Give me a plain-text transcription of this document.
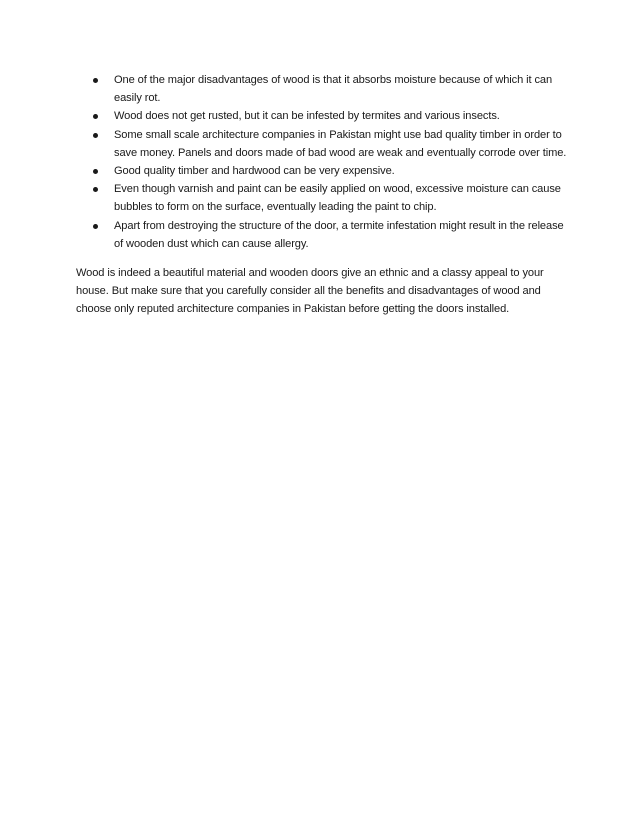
One of the major disadvantages of wood is that it absorbs moisture because of which it can easily rot.
Wood does not get rusted, but it can be infested by termites and various insects.
Some small scale architecture companies in Pakistan might use bad quality timber in order to save money. Panels and doors made of bad wood are weak and eventually corrode over time.
Good quality timber and hardwood can be very expensive.
Even though varnish and paint can be easily applied on wood, excessive moisture can cause bubbles to form on the surface, eventually leading the paint to chip.
Apart from destroying the structure of the door, a termite infestation might result in the release of wooden dust which can cause allergy.

Wood is indeed a beautiful material and wooden doors give an ethnic and a classy appeal to your house. But make sure that you carefully consider all the benefits and disadvantages of wood and choose only reputed architecture companies in Pakistan before getting the doors installed.
